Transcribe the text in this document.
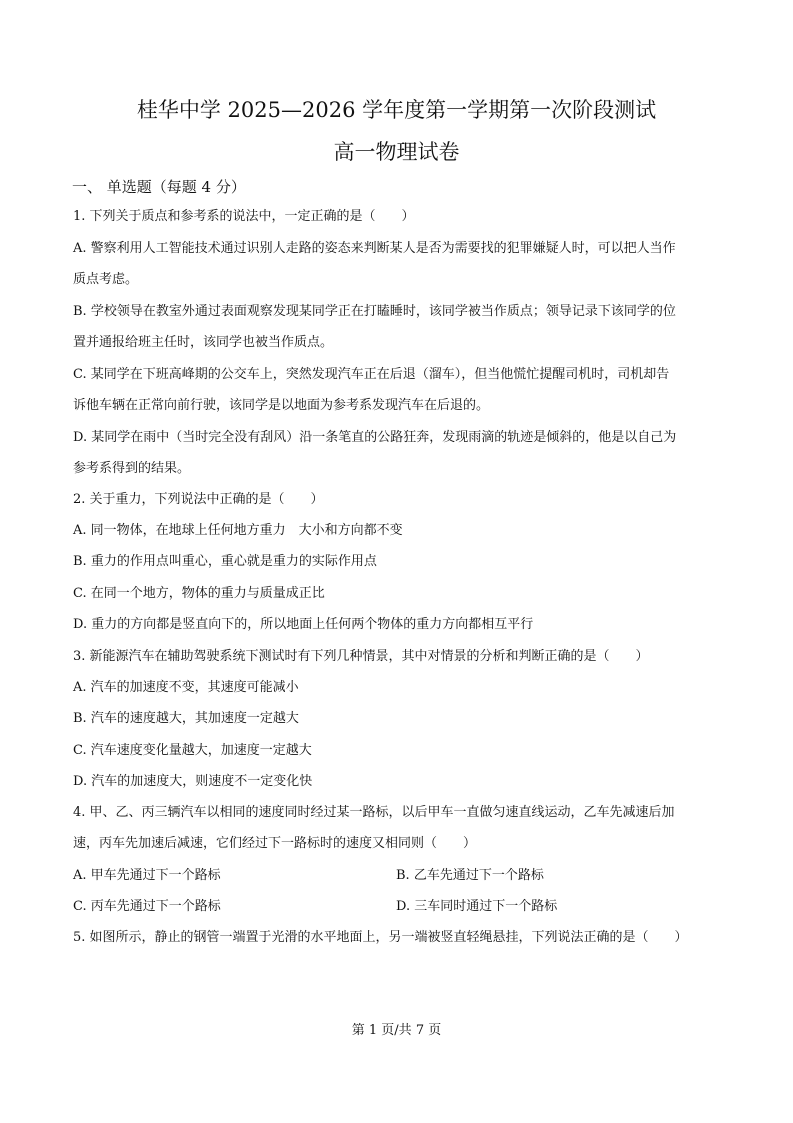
桂华中学 2025—2026 学年度第一学期第一次阶段测试
高一物理试卷
一、 单选题（每题 4 分）
1. 下列关于质点和参考系的说法中，一定正确的是（　　）
A. 警察利用人工智能技术通过识别人走路的姿态来判断某人是否为需要找的犯罪嫌疑人时，可以把人当作
质点考虑。
B. 学校领导在教室外通过表面观察发现某同学正在打瞌睡时，该同学被当作质点；领导记录下该同学的位
置并通报给班主任时，该同学也被当作质点。
C. 某同学在下班高峰期的公交车上，突然发现汽车正在后退（溜车），但当他慌忙提醒司机时，司机却告
诉他车辆在正常向前行驶，该同学是以地面为参考系发现汽车在后退的。
D. 某同学在雨中（当时完全没有刮风）沿一条笔直的公路狂奔，发现雨滴的轨迹是倾斜的，他是以自己为
参考系得到的结果。
2. 关于重力，下列说法中正确的是（　　）
A. 同一物体，在地球上任何地方重力　大小和方向都不变
B. 重力的作用点叫重心，重心就是重力的实际作用点
C. 在同一个地方，物体的重力与质量成正比
D. 重力的方向都是竖直向下的，所以地面上任何两个物体的重力方向都相互平行
3. 新能源汽车在辅助驾驶系统下测试时有下列几种情景，其中对情景的分析和判断正确的是（　　）
A. 汽车的加速度不变，其速度可能减小
B. 汽车的速度越大，其加速度一定越大
C. 汽车速度变化量越大，加速度一定越大
D. 汽车的加速度大，则速度不一定变化快
4. 甲、乙、丙三辆汽车以相同的速度同时经过某一路标，以后甲车一直做匀速直线运动，乙车先减速后加
速，丙车先加速后减速，它们经过下一路标时的速度又相同则（　　）
A. 甲车先通过下一个路标	B. 乙车先通过下一个路标
C. 丙车先通过下一个路标	D. 三车同时通过下一个路标
5. 如图所示，静止的钢管一端置于光滑的水平地面上，另一端被竖直轻绳悬挂，下列说法正确的是（　　）
第 1 页/共 7 页
